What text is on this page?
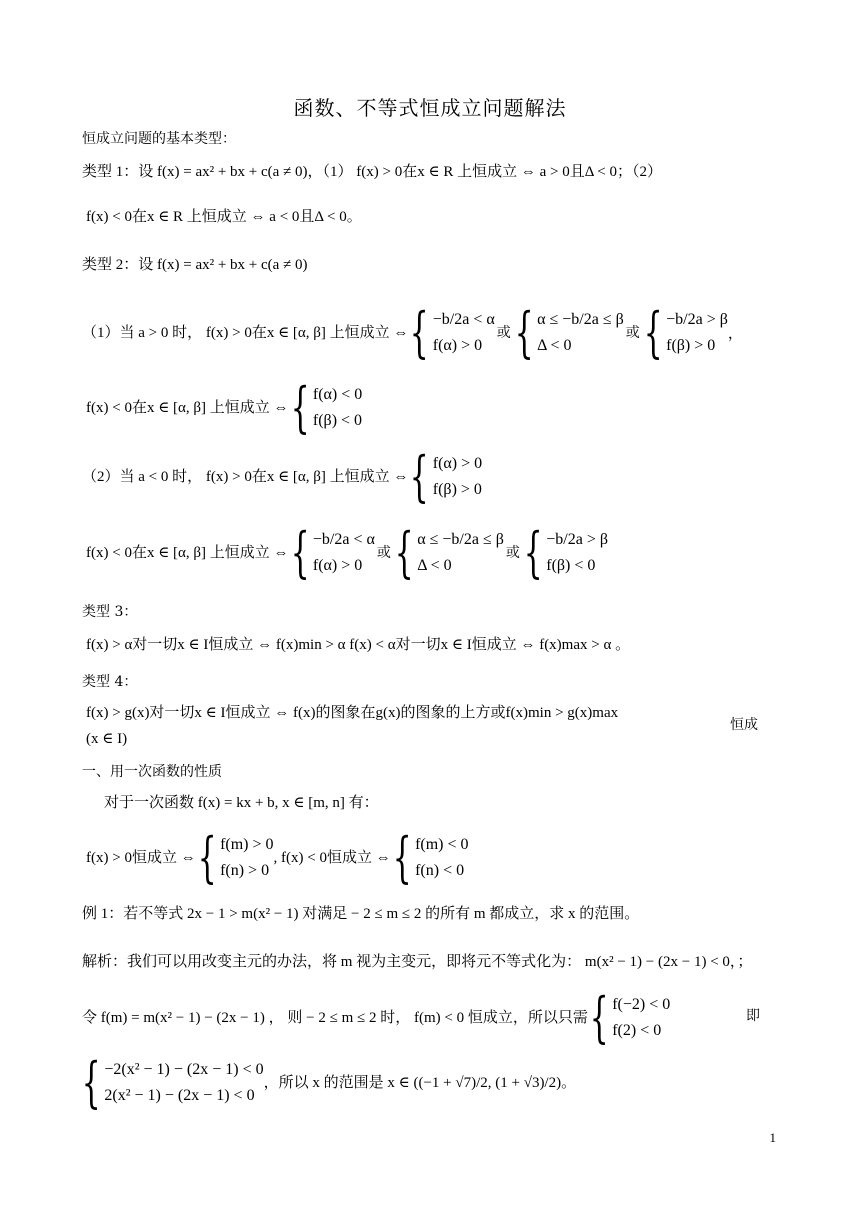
函数、不等式恒成立问题解法
恒成立问题的基本类型：
类型 1：设 f(x) = ax² + bx + c(a ≠ 0)，（1） f(x) > 0在x ∈ R 上恒成立 ⇔ a > 0且Δ < 0；（2）
f(x) < 0在x ∈ R 上恒成立 ⇔ a < 0且Δ < 0。
类型 2：设 f(x) = ax² + bx + c(a ≠ 0)
（1）当 a > 0 时， f(x) > 0在x ∈ [α, β] 上恒成立 ⇔ { −b/2a < α
f(α) > 0
或 { α ≤ −b/2a ≤ β
Δ < 0
或 { −b/2a > β
f(β) > 0
，
f(x) < 0在x ∈ [α, β] 上恒成立 ⇔ { f(α) < 0
f(β) < 0
（2）当 a < 0 时， f(x) > 0在x ∈ [α, β] 上恒成立 ⇔ { f(α) > 0
f(β) > 0
f(x) < 0在x ∈ [α, β] 上恒成立 ⇔ { −b/2a < α
f(α) > 0
或 { α ≤ −b/2a ≤ β
Δ < 0
或 { −b/2a > β
f(β) < 0
类型 3：
f(x) > α对一切x ∈ I恒成立 ⇔ f(x)min > α f(x) < α对一切x ∈ I恒成立 ⇔ f(x)max > α 。
类型 4：
f(x) > g(x)对一切x ∈ I恒成立 ⇔ f(x)的图象在g(x)的图象的上方或f(x)min > g(x)max
恒成
(x ∈ I)
一、用一次函数的性质
对于一次函数 f(x) = kx + b, x ∈ [m, n] 有：
f(x) > 0恒成立 ⇔ { f(m) > 0
f(n) > 0
, f(x) < 0恒成立 ⇔ { f(m) < 0
f(n) < 0
例 1：若不等式 2x − 1 > m(x² − 1) 对满足 − 2 ≤ m ≤ 2 的所有 m 都成立，求 x 的范围。
解析：我们可以用改变主元的办法，将 m 视为主变元，即将元不等式化为： m(x² − 1) − (2x − 1) < 0，；
令 f(m) = m(x² − 1) − (2x − 1) ， 则 − 2 ≤ m ≤ 2 时， f(m) < 0 恒成立，所以只需 { f(−2) < 0
f(2) < 0
即
{ −2(x² − 1) − (2x − 1) < 0
2(x² − 1) − (2x − 1) < 0
，所以 x 的范围是 x ∈ ((−1 + √7)/2, (1 + √3)/2)。
1
